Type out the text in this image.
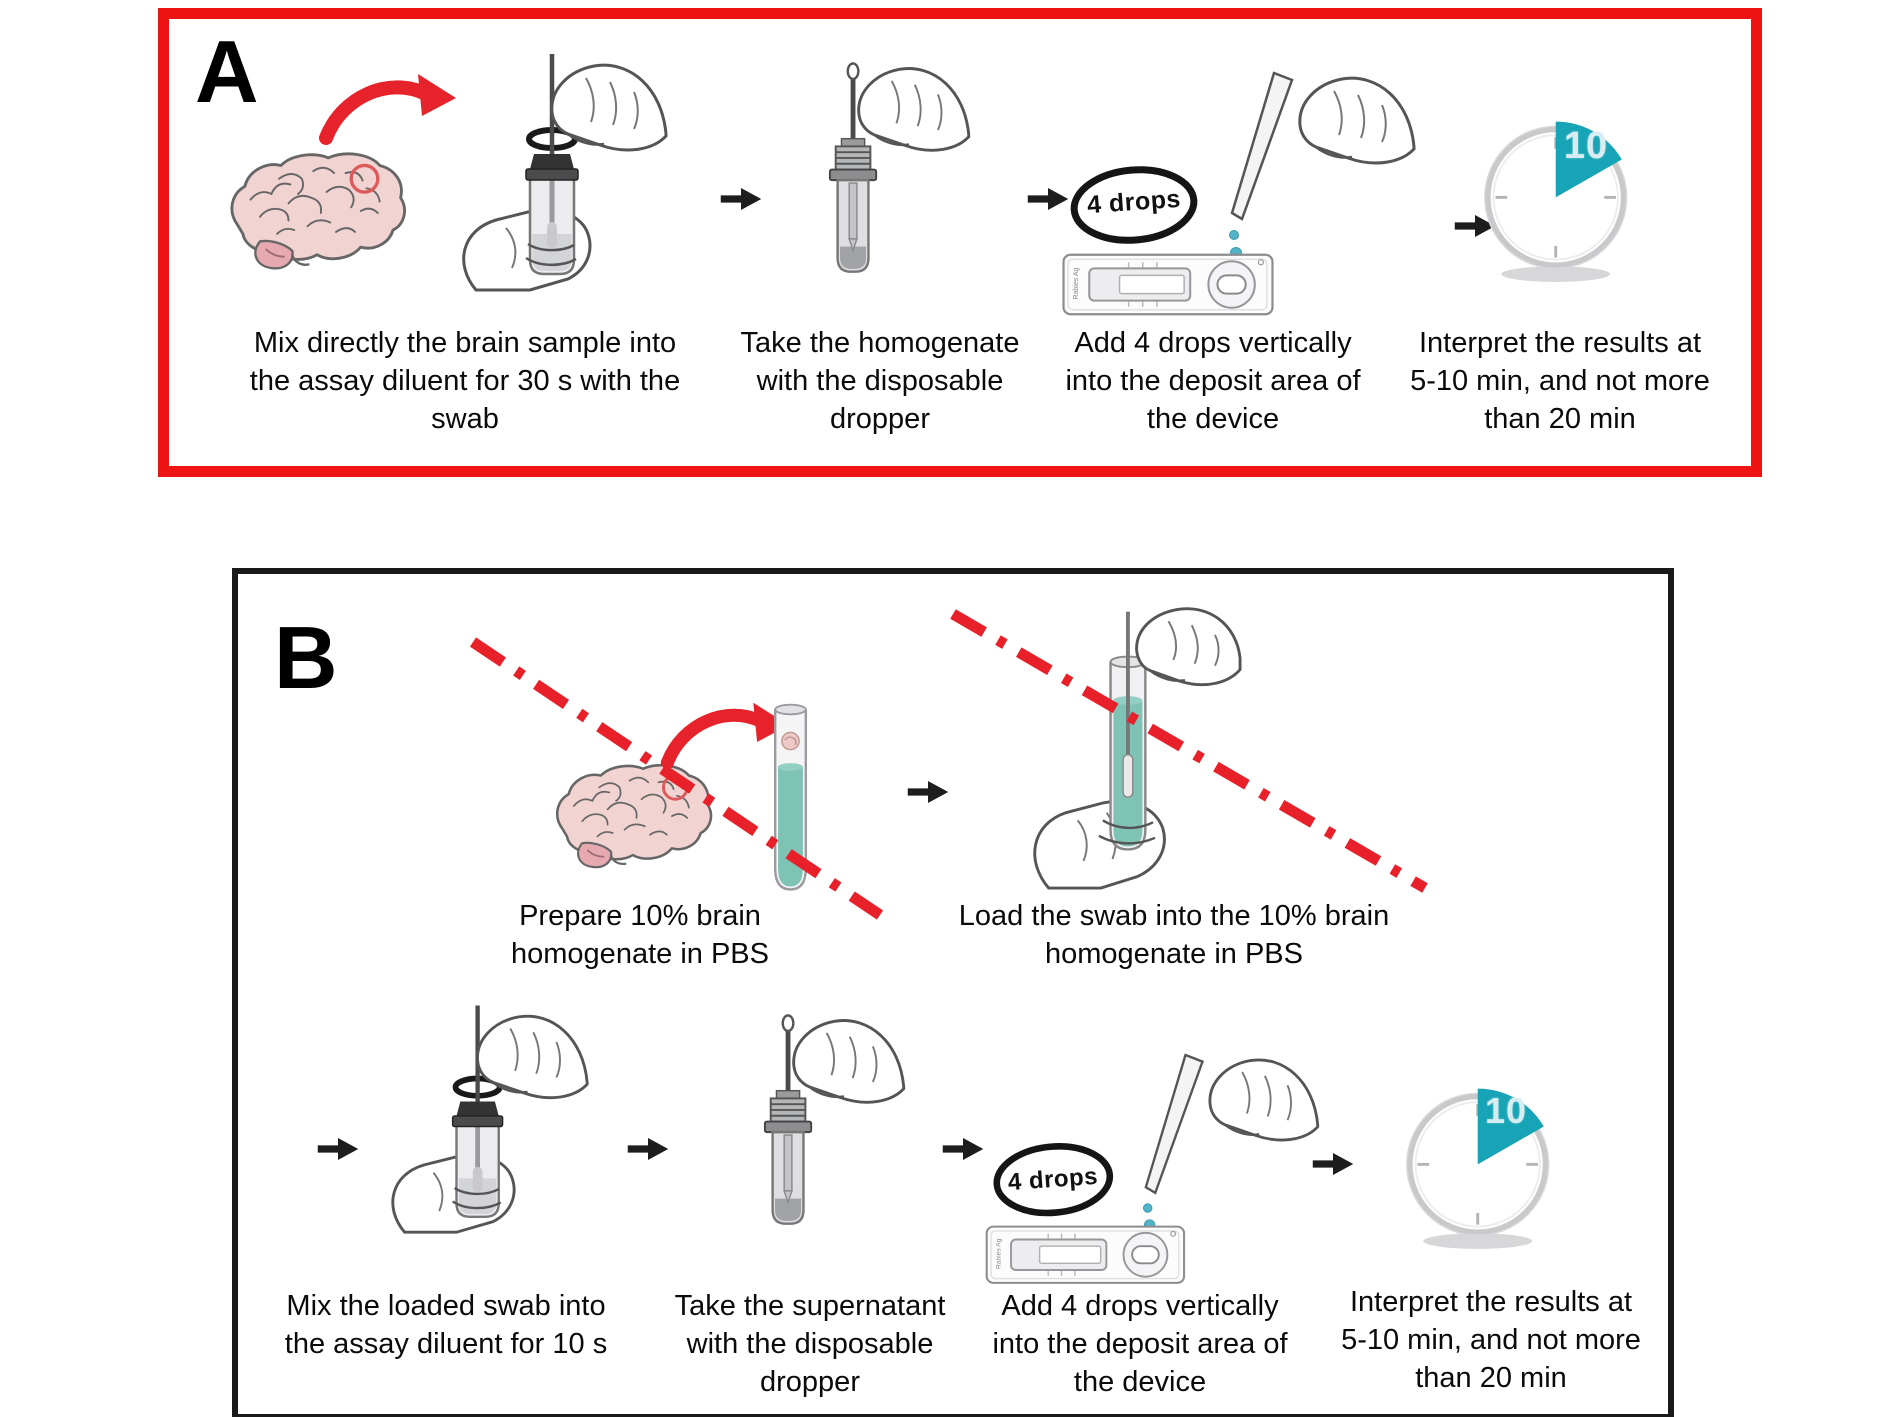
Rabies Ag A
Mix directly the brain sample into the assay diluent for 30 s with the swab
Take the homogenate with the disposable dropper
4 drops
Add 4 drops vertically into the deposit area of the device
10
Interpret the results at 5-10 min, and not more than 20 min
B
Prepare 10% brain homogenate in PBS
Load the swab into the 10% brain homogenate in PBS
Mix the loaded swab into the assay diluent for 10 s
Take the supernatant with the disposable dropper
4 drops
Add 4 drops vertically into the deposit area of the device
10
Interpret the results at 5-10 min, and not more than 20 min
